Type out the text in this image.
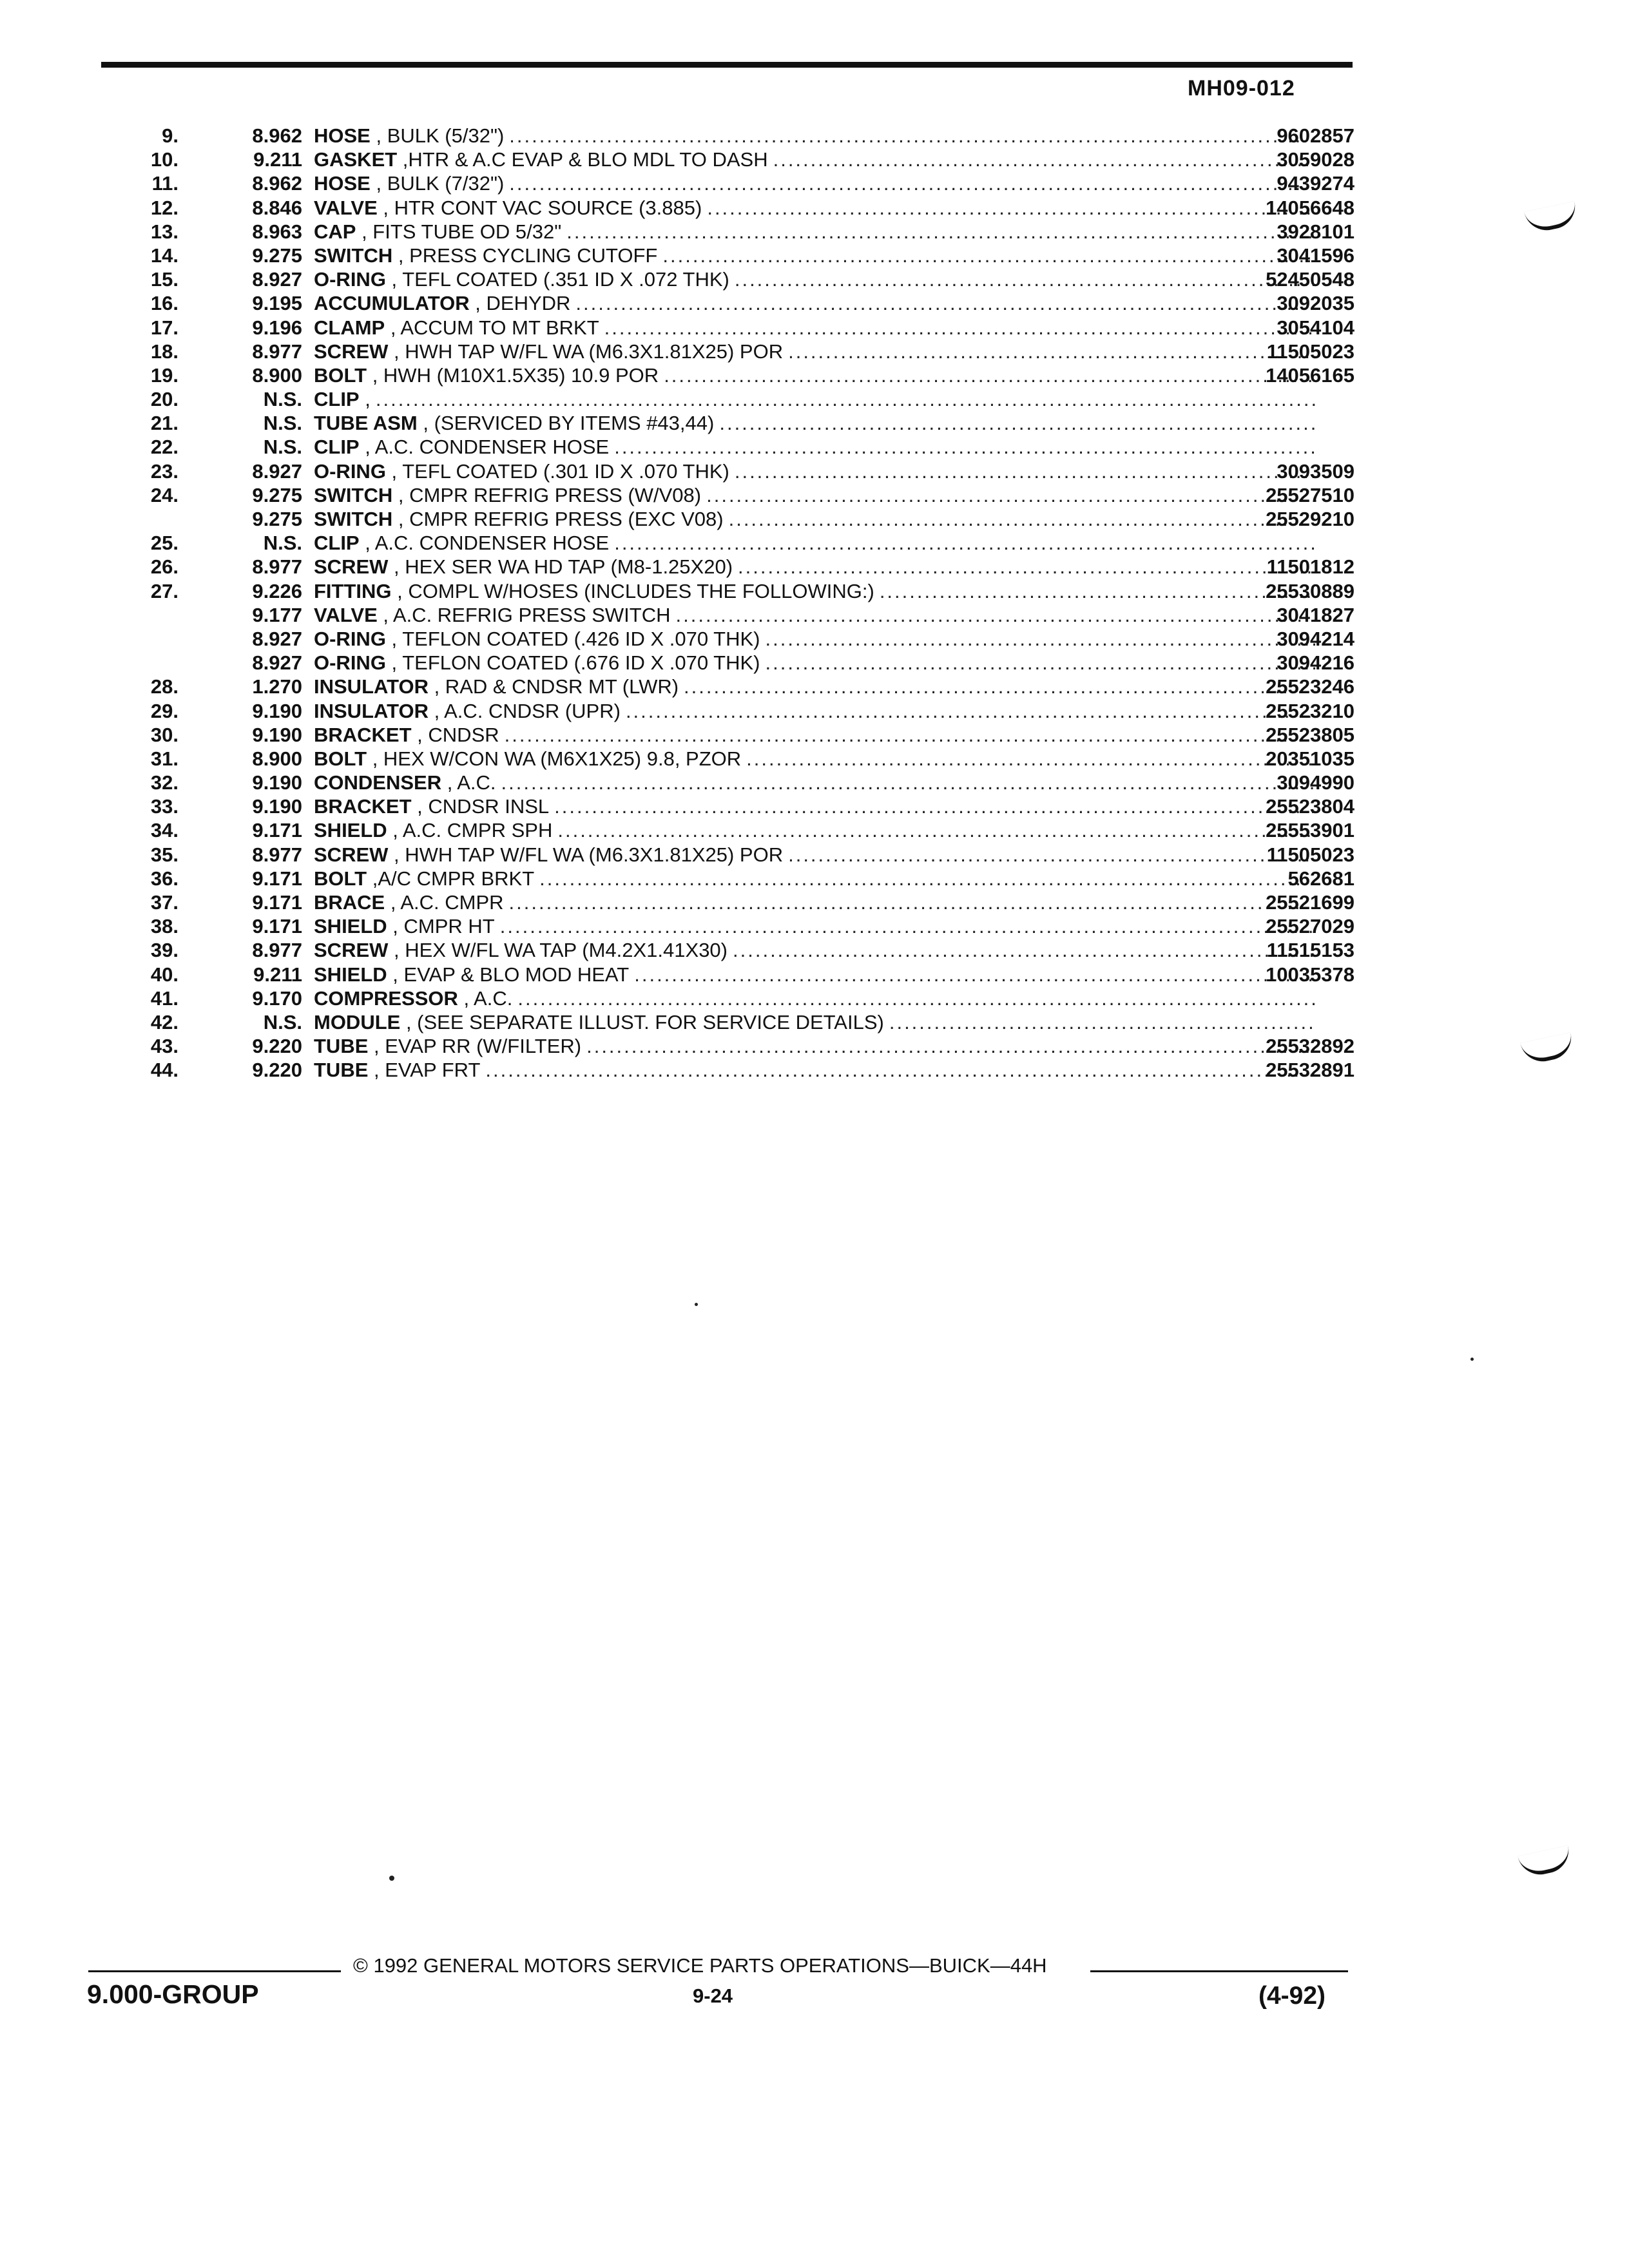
MH09-012
9.	8.962 HOSE , BULK (5/32") .....	9602857
10.	9.211 GASKET ,HTR & A.C EVAP & BLO MDL TO DASH .....	3059028
11.	8.962 HOSE , BULK (7/32") .....	9439274
12.	8.846 VALVE , HTR CONT VAC SOURCE (3.885) .....	14056648
13.	8.963 CAP , FITS TUBE OD 5/32" .....	3928101
14.	9.275 SWITCH , PRESS CYCLING CUTOFF .....	3041596
15.	8.927 O-RING , TEFL COATED (.351 ID X .072 THK) .....	52450548
16.	9.195 ACCUMULATOR , DEHYDR .....	3092035
17.	9.196 CLAMP , ACCUM TO MT BRKT .....	3054104
18.	8.977 SCREW , HWH TAP W/FL WA (M6.3X1.81X25) POR .....	11505023
19.	8.900 BOLT , HWH (M10X1.5X35) 10.9 POR .....	14056165
20.	N.S. CLIP ,
.....
21.	N.S. TUBE ASM , (SERVICED BY ITEMS #43,44)
.....
22.	N.S. CLIP , A.C. CONDENSER HOSE
.....
23.	8.927 O-RING , TEFL COATED (.301 ID X .070 THK) .....	3093509
24.	9.275 SWITCH , CMPR REFRIG PRESS (W/V08) .....	25527510
9.275 SWITCH , CMPR REFRIG PRESS (EXC V08) .....	25529210
25.	N.S. CLIP , A.C. CONDENSER HOSE
.....
26.	8.977 SCREW , HEX SER WA HD TAP (M8-1.25X20) .....	11501812
27.	9.226 FITTING , COMPL W/HOSES (INCLUDES THE FOLLOWING:) .....	25530889
9.177 VALVE , A.C. REFRIG PRESS SWITCH .....	3041827
8.927 O-RING , TEFLON COATED (.426 ID X .070 THK) .....	3094214
8.927 O-RING , TEFLON COATED (.676 ID X .070 THK) .....	3094216
28.	1.270 INSULATOR , RAD & CNDSR MT (LWR) .....	25523246
29.	9.190 INSULATOR , A.C. CNDSR (UPR) .....	25523210
30.	9.190 BRACKET , CNDSR .....	25523805
31.	8.900 BOLT , HEX W/CON WA (M6X1X25) 9.8, PZOR .....	20351035
32.	9.190 CONDENSER , A.C. .....	3094990
33.	9.190 BRACKET , CNDSR INSL .....	25523804
34.	9.171 SHIELD , A.C. CMPR SPH .....	25553901
35.	8.977 SCREW , HWH TAP W/FL WA (M6.3X1.81X25) POR .....	11505023
36.	9.171 BOLT ,A/C CMPR BRKT .....	562681
37.	9.171 BRACE , A.C. CMPR .....	25521699
38.	9.171 SHIELD , CMPR HT .....	25527029
39.	8.977 SCREW , HEX W/FL WA TAP (M4.2X1.41X30) .....	11515153
40.	9.211 SHIELD , EVAP & BLO MOD HEAT .....	10035378
41.	9.170 COMPRESSOR , A.C.
.....
42.	N.S. MODULE , (SEE SEPARATE ILLUST. FOR SERVICE DETAILS)
.....
43.	9.220 TUBE , EVAP RR (W/FILTER) .....	25532892
44.	9.220 TUBE , EVAP FRT .....	25532891
© 1992 GENERAL MOTORS SERVICE PARTS OPERATIONS—BUICK—44H
9.000-GROUP	9-24	(4-92)
